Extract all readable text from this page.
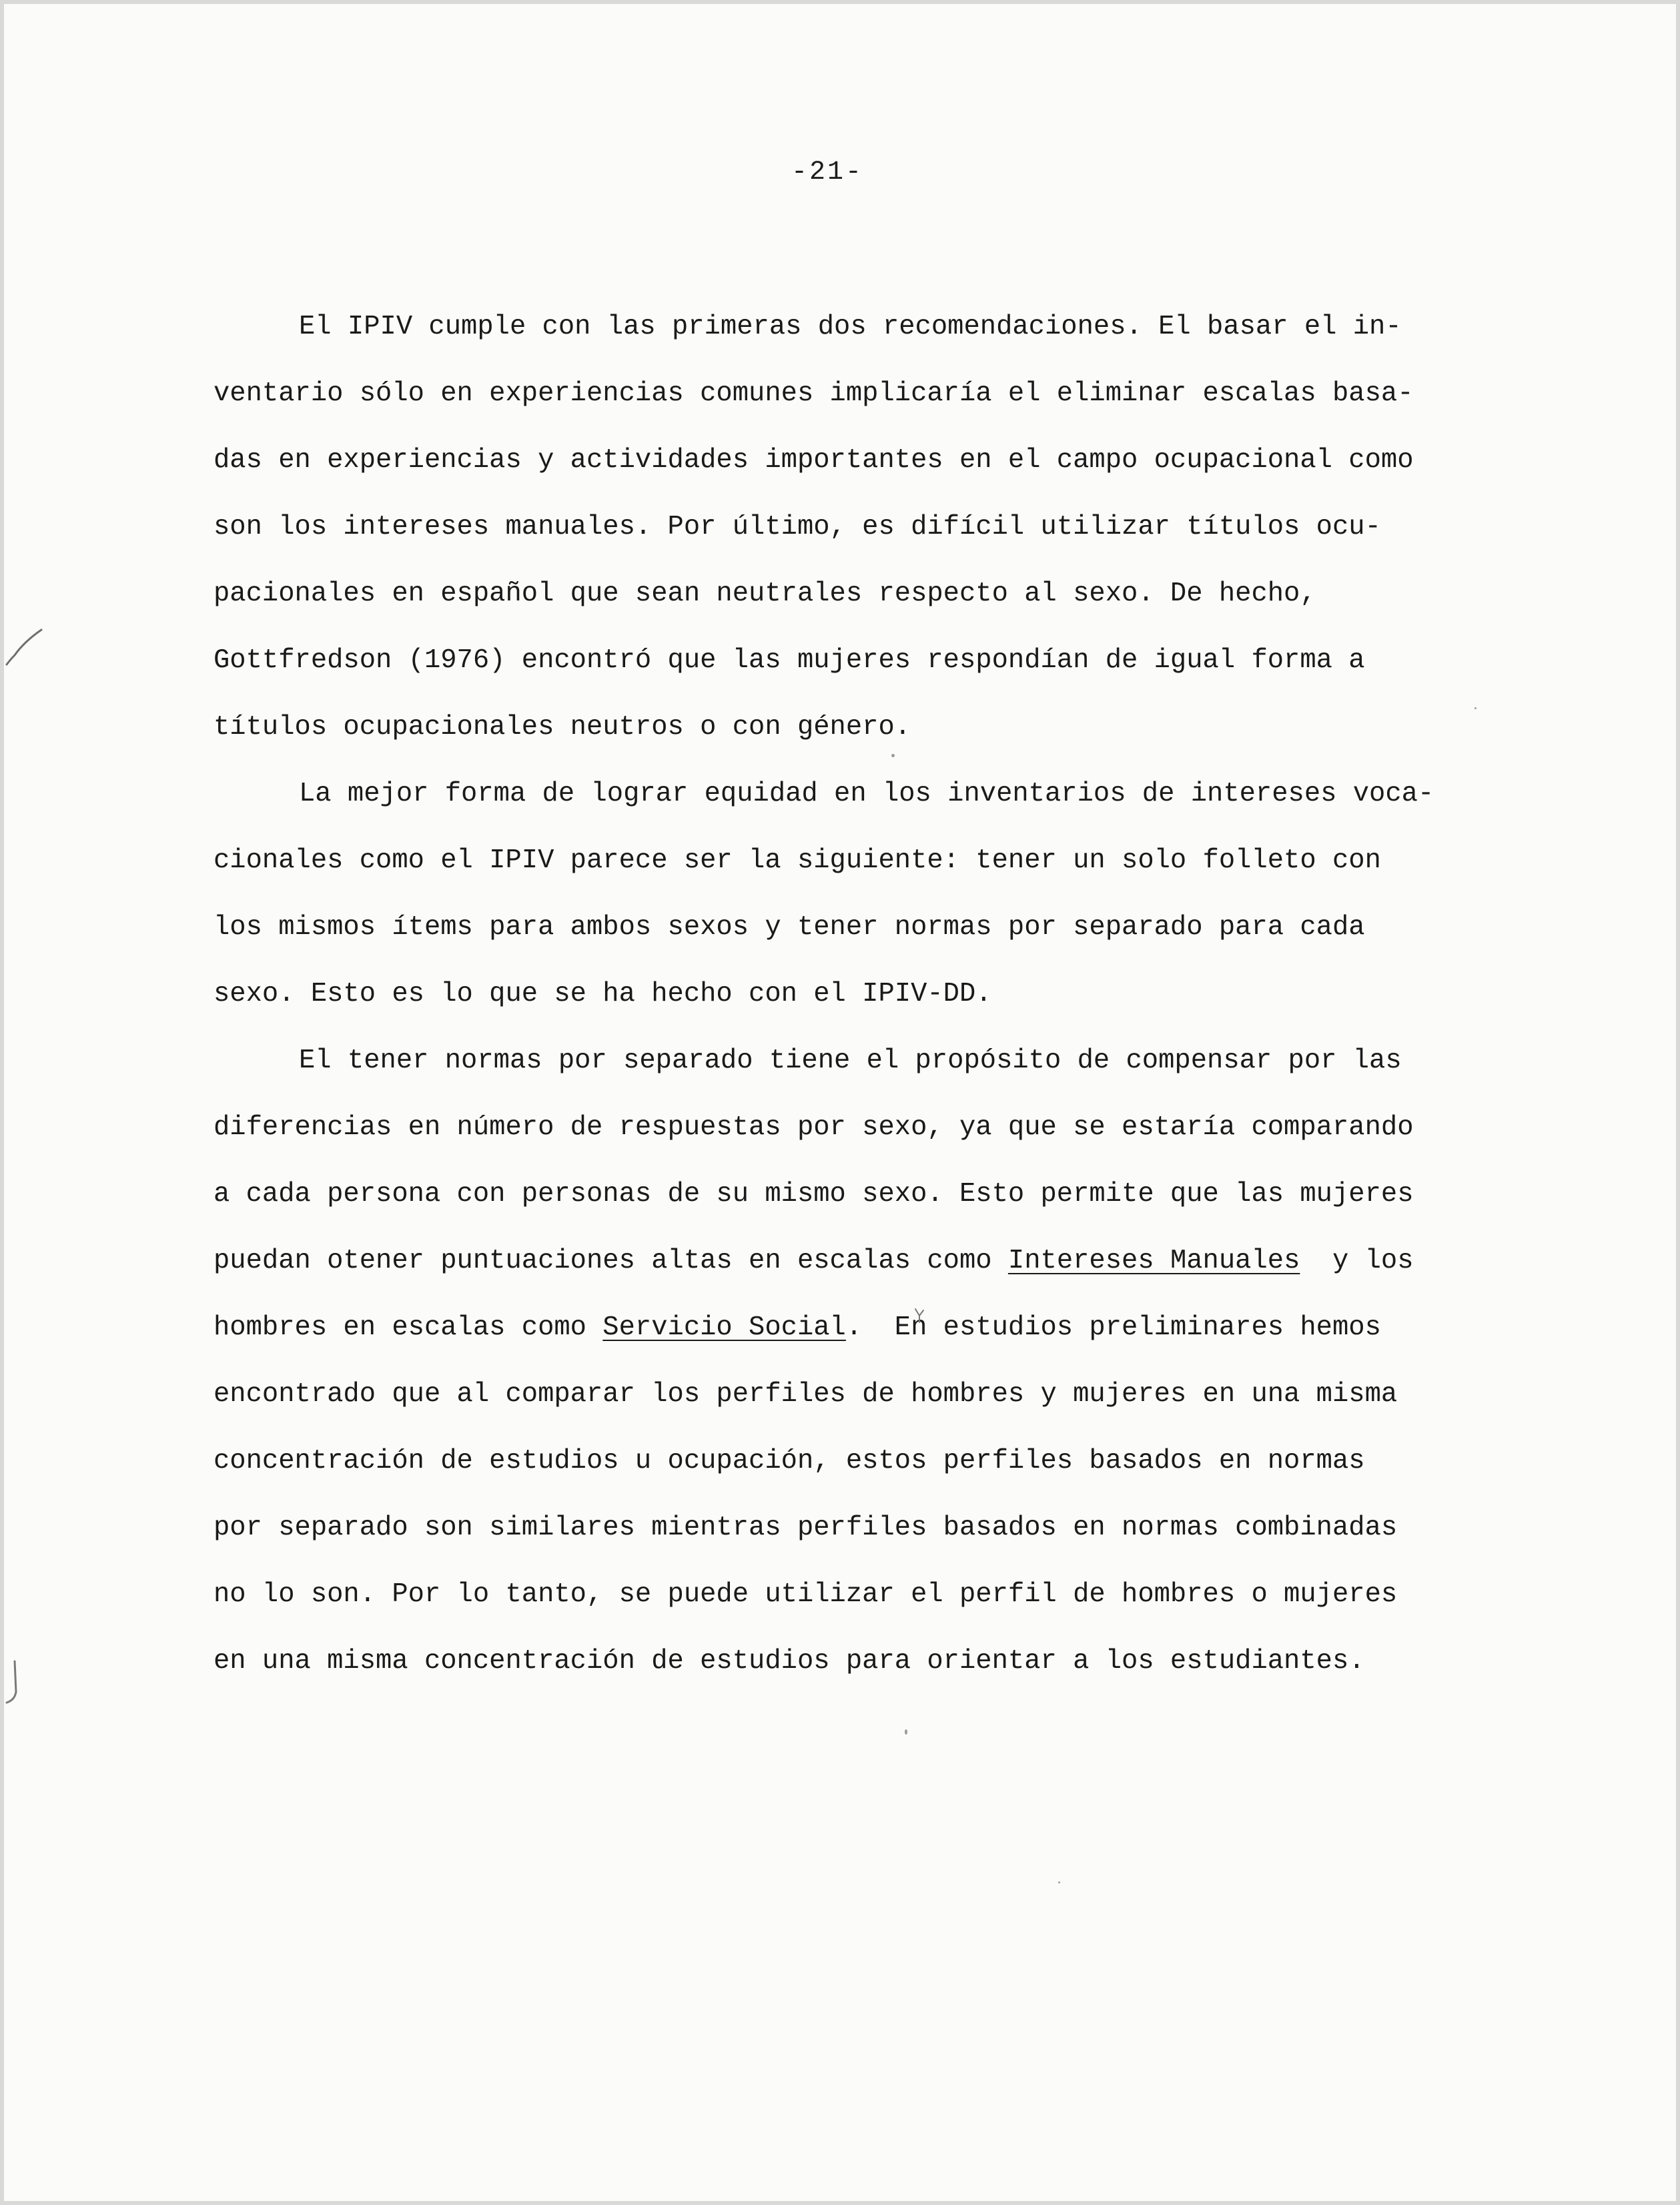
-21-
El IPIV cumple con las primeras dos recomendaciones. El basar el in-
ventario sólo en experiencias comunes implicaría el eliminar escalas basa-
das en experiencias y actividades importantes en el campo ocupacional como
son los intereses manuales. Por último, es difícil utilizar títulos ocu-
pacionales en español que sean neutrales respecto al sexo. De hecho,
Gottfredson (1976) encontró que las mujeres respondían de igual forma a
títulos ocupacionales neutros o con género.
La mejor forma de lograr equidad en los inventarios de intereses voca-
cionales como el IPIV parece ser la siguiente: tener un solo folleto con
los mismos ítems para ambos sexos y tener normas por separado para cada
sexo. Esto es lo que se ha hecho con el IPIV-DD.
El tener normas por separado tiene el propósito de compensar por las
diferencias en número de respuestas por sexo, ya que se estaría comparando
a cada persona con personas de su mismo sexo. Esto permite que las mujeres
puedan otener puntuaciones altas en escalas como Intereses Manuales  y los
hombres en escalas como Servicio Social.  En estudios preliminares hemos
encontrado que al comparar los perfiles de hombres y mujeres en una misma
concentración de estudios u ocupación, estos perfiles basados en normas
por separado son similares mientras perfiles basados en normas combinadas
no lo son. Por lo tanto, se puede utilizar el perfil de hombres o mujeres
en una misma concentración de estudios para orientar a los estudiantes.
